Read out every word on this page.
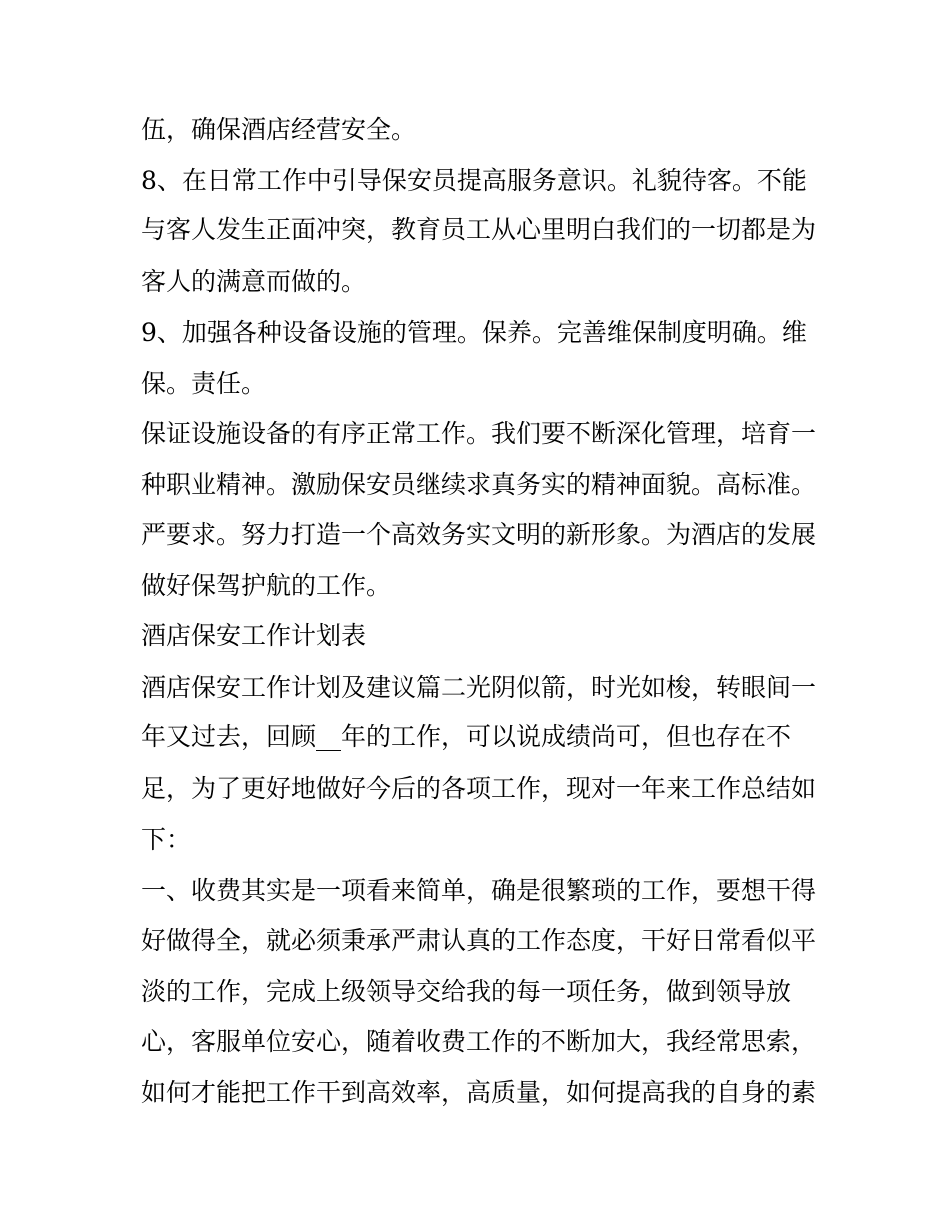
伍，确保酒店经营安全。
8、在日常工作中引导保安员提高服务意识。礼貌待客。不能
与客人发生正面冲突，教育员工从心里明白我们的一切都是为
客人的满意而做的。
9、加强各种设备设施的管理。保养。完善维保制度明确。维
保。责任。
保证设施设备的有序正常工作。我们要不断深化管理，培育一
种职业精神。激励保安员继续求真务实的精神面貌。高标准。
严要求。努力打造一个高效务实文明的新形象。为酒店的发展
做好保驾护航的工作。
酒店保安工作计划表
酒店保安工作计划及建议篇二光阴似箭，时光如梭，转眼间一
年又过去，回顾__年的工作，可以说成绩尚可，但也存在不
足，为了更好地做好今后的各项工作，现对一年来工作总结如
下：
一、收费其实是一项看来简单，确是很繁琐的工作，要想干得
好做得全，就必须秉承严肃认真的工作态度，干好日常看似平
淡的工作，完成上级领导交给我的每一项任务，做到领导放
心，客服单位安心，随着收费工作的不断加大，我经常思索，
如何才能把工作干到高效率，高质量，如何提高我的自身的素
